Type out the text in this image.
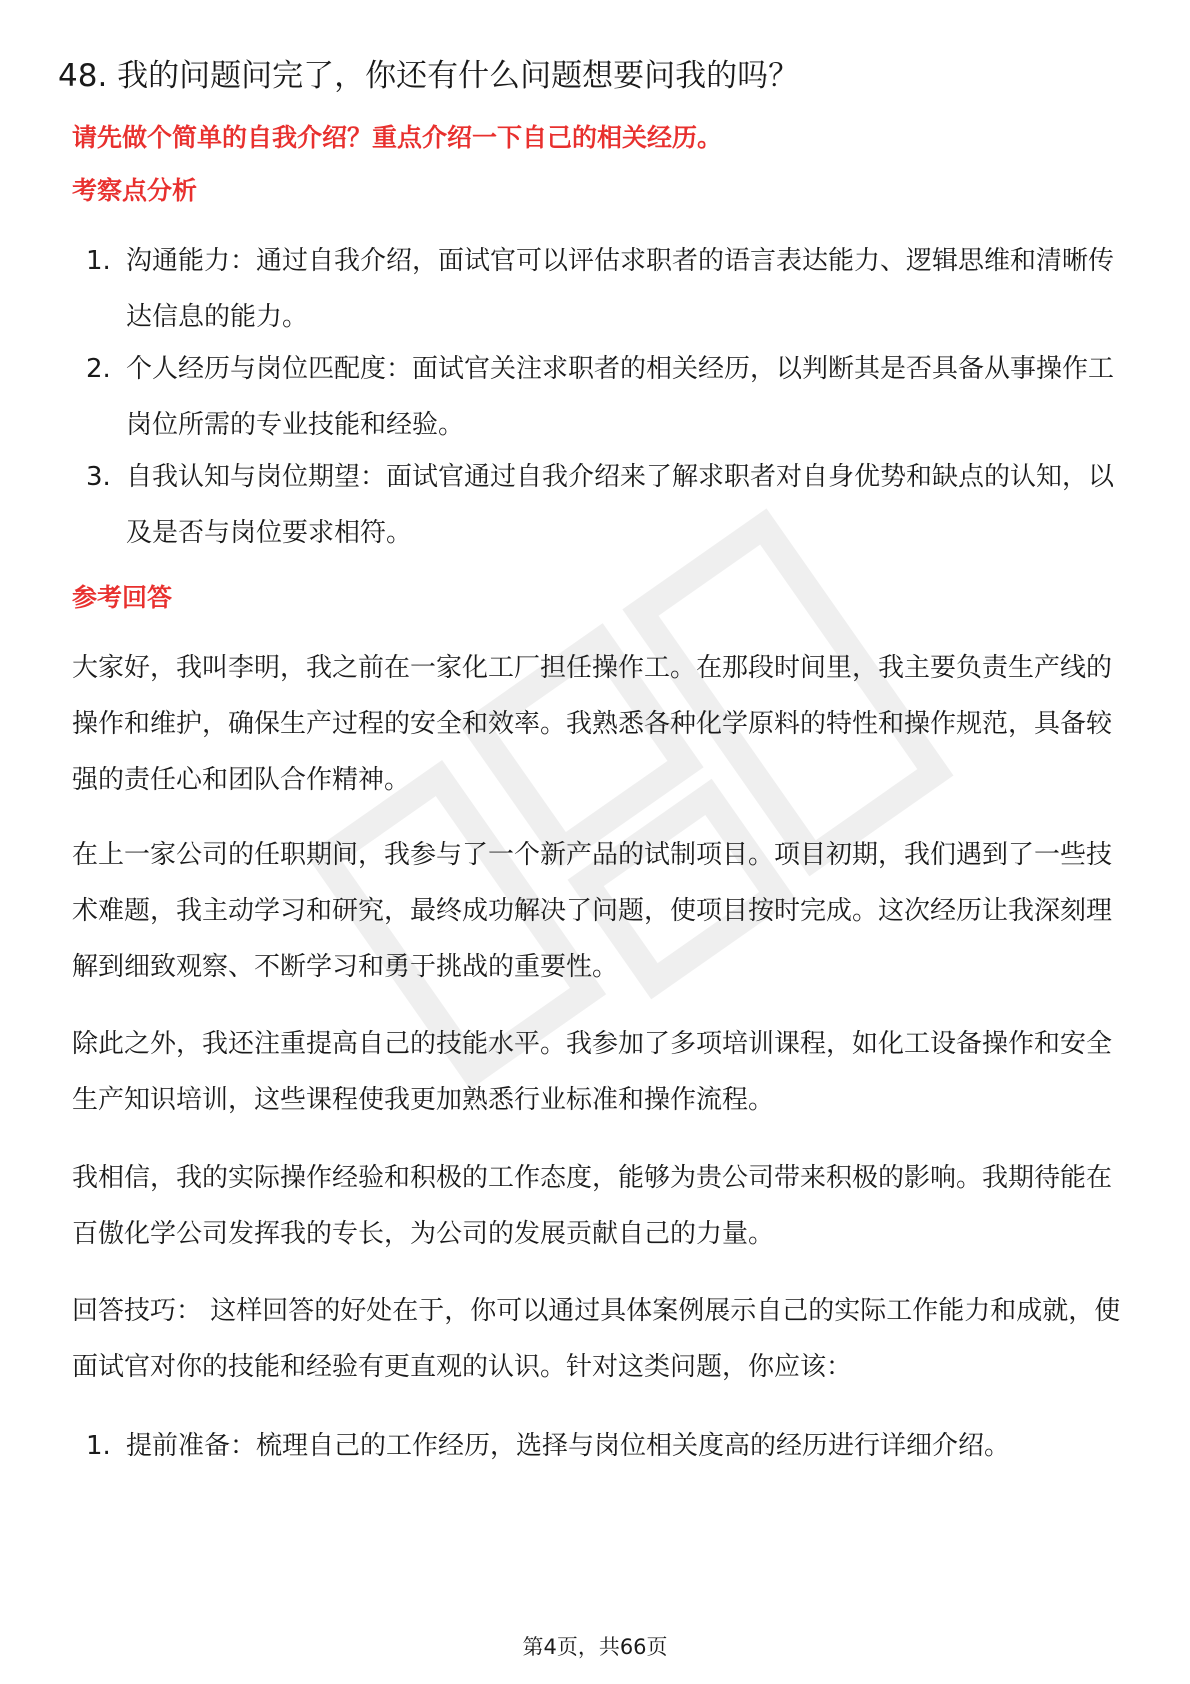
48. 我的问题问完了，你还有什么问题想要问我的吗？
请先做个简单的自我介绍？重点介绍一下自己的相关经历。
考察点分析
1. 沟通能力：通过自我介绍，面试官可以评估求职者的语言表达能力、逻辑思维和清晰传达信息的能力。
2. 个人经历与岗位匹配度：面试官关注求职者的相关经历，以判断其是否具备从事操作工岗位所需的专业技能和经验。
3. 自我认知与岗位期望：面试官通过自我介绍来了解求职者对自身优势和缺点的认知，以及是否与岗位要求相符。
参考回答
大家好，我叫李明，我之前在一家化工厂担任操作工。在那段时间里，我主要负责生产线的操作和维护，确保生产过程的安全和效率。我熟悉各种化学原料的特性和操作规范，具备较强的责任心和团队合作精神。
在上一家公司的任职期间，我参与了一个新产品的试制项目。项目初期，我们遇到了一些技术难题，我主动学习和研究，最终成功解决了问题，使项目按时完成。这次经历让我深刻理解到细致观察、不断学习和勇于挑战的重要性。
除此之外，我还注重提高自己的技能水平。我参加了多项培训课程，如化工设备操作和安全生产知识培训，这些课程使我更加熟悉行业标准和操作流程。
我相信，我的实际操作经验和积极的工作态度，能够为贵公司带来积极的影响。我期待能在百傲化学公司发挥我的专长，为公司的发展贡献自己的力量。
回答技巧： 这样回答的好处在于，你可以通过具体案例展示自己的实际工作能力和成就，使面试官对你的技能和经验有更直观的认识。针对这类问题，你应该：
1. 提前准备：梳理自己的工作经历，选择与岗位相关度高的经历进行详细介绍。
第4页，共66页
